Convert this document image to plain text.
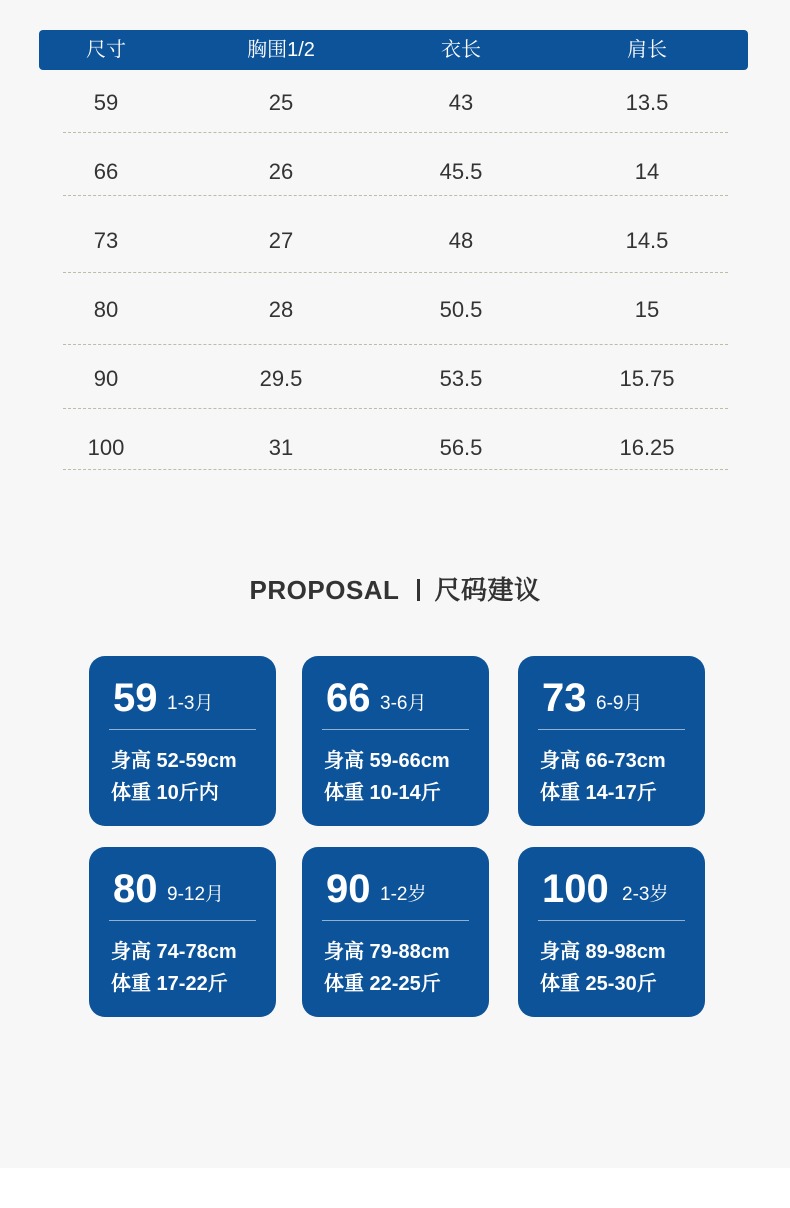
尺寸	胸围1/2	衣长	肩长
59	25	43	13.5
66	26	45.5	14
73	27	48	14.5
80	28	50.5	15
90	29.5	53.5	15.75
100	31	56.5	16.25
PROPOSAL 尺码建议
59 1-3月
身高 52-59cm
体重 10斤内
66 3-6月
身高 59-66cm
体重 10-14斤
73 6-9月
身高 66-73cm
体重 14-17斤
80 9-12月
身高 74-78cm
体重 17-22斤
90 1-2岁
身高 79-88cm
体重 22-25斤
100 2-3岁
身高 89-98cm
体重 25-30斤
